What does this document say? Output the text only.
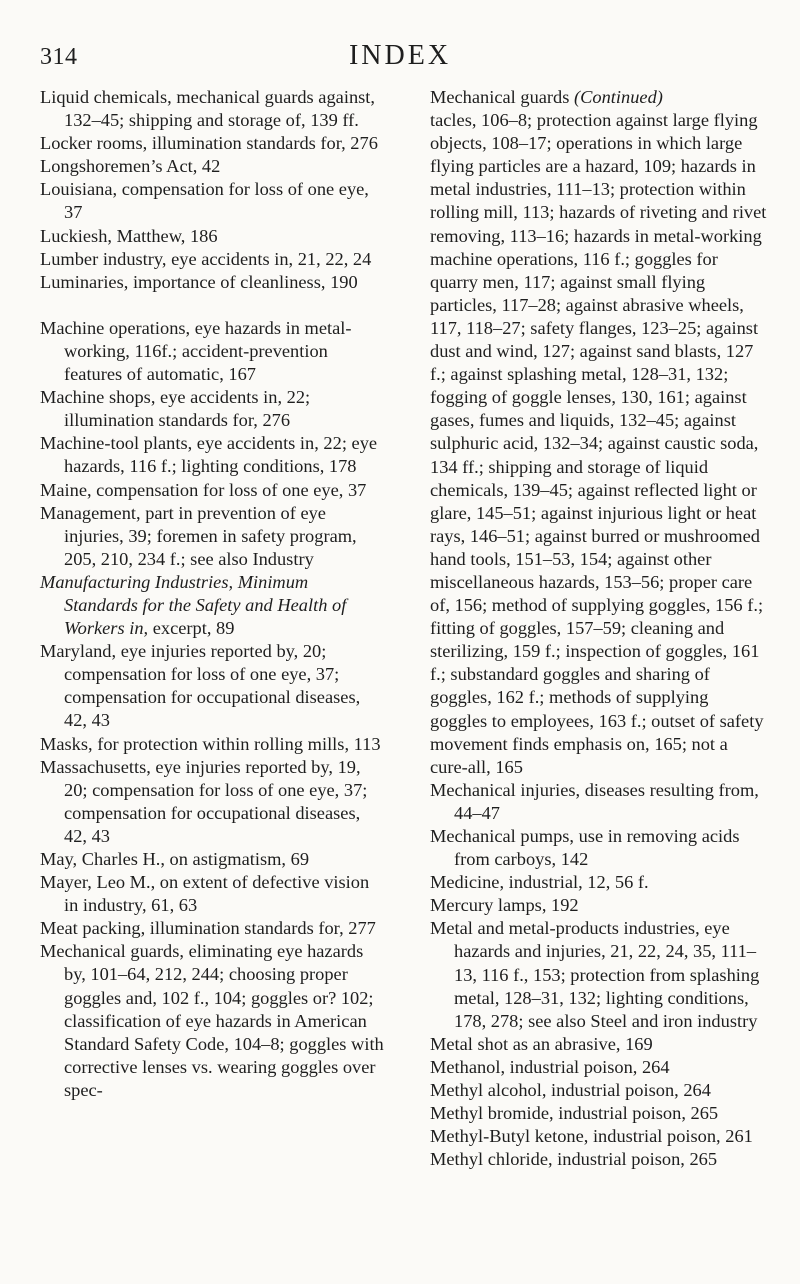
314	INDEX

Liquid chemicals, mechanical guards against, 132–45; shipping and storage of, 139 ff.

Locker rooms, illumination standards for, 276

Longshoremen’s Act, 42

Louisiana, compensation for loss of one eye, 37

Luckiesh, Matthew, 186

Lumber industry, eye accidents in, 21, 22, 24

Luminaries, importance of cleanliness, 190

Machine operations, eye hazards in metal-working, 116f.; accident-prevention features of automatic, 167

Machine shops, eye accidents in, 22; illumination standards for, 276

Machine-tool plants, eye accidents in, 22; eye hazards, 116 f.; lighting conditions, 178

Maine, compensation for loss of one eye, 37

Management, part in prevention of eye injuries, 39; foremen in safety program, 205, 210, 234 f.; see also Industry

Manufacturing Industries, Minimum Standards for the Safety and Health of Workers in, excerpt, 89

Maryland, eye injuries reported by, 20; compensation for loss of one eye, 37; compensation for occupational diseases, 42, 43

Masks, for protection within rolling mills, 113

Massachusetts, eye injuries reported by, 19, 20; compensation for loss of one eye, 37; compensation for occupational diseases, 42, 43

May, Charles H., on astigmatism, 69

Mayer, Leo M., on extent of defective vision in industry, 61, 63

Meat packing, illumination standards for, 277

Mechanical guards, eliminating eye hazards by, 101–64, 212, 244; choosing proper goggles and, 102 f., 104; goggles or? 102; classification of eye hazards in American Standard Safety Code, 104–8; goggles with corrective lenses vs. wearing goggles over spec-

Mechanical guards (Continued)

tacles, 106–8; protection against large flying objects, 108–17; operations in which large flying particles are a hazard, 109; hazards in metal industries, 111–13; protection within rolling mill, 113; hazards of riveting and rivet removing, 113–16; hazards in metal-working machine operations, 116 f.; goggles for quarry men, 117; against small flying particles, 117–28; against abrasive wheels, 117, 118–27; safety flanges, 123–25; against dust and wind, 127; against sand blasts, 127 f.; against splashing metal, 128–31, 132; fogging of goggle lenses, 130, 161; against gases, fumes and liquids, 132–45; against sulphuric acid, 132–34; against caustic soda, 134 ff.; shipping and storage of liquid chemicals, 139–45; against reflected light or glare, 145–51; against injurious light or heat rays, 146–51; against burred or mushroomed hand tools, 151–53, 154; against other miscellaneous hazards, 153–56; proper care of, 156; method of supplying goggles, 156 f.; fitting of goggles, 157–59; cleaning and sterilizing, 159 f.; inspection of goggles, 161 f.; substandard goggles and sharing of goggles, 162 f.; methods of supplying goggles to employees, 163 f.; outset of safety movement finds emphasis on, 165; not a cure-all, 165

Mechanical injuries, diseases resulting from, 44–47

Mechanical pumps, use in removing acids from carboys, 142

Medicine, industrial, 12, 56 f.

Mercury lamps, 192

Metal and metal-products industries, eye hazards and injuries, 21, 22, 24, 35, 111–13, 116 f., 153; protection from splashing metal, 128–31, 132; lighting conditions, 178, 278; see also Steel and iron industry

Metal shot as an abrasive, 169

Methanol, industrial poison, 264

Methyl alcohol, industrial poison, 264

Methyl bromide, industrial poison, 265

Methyl-Butyl ketone, industrial poison, 261

Methyl chloride, industrial poison, 265
